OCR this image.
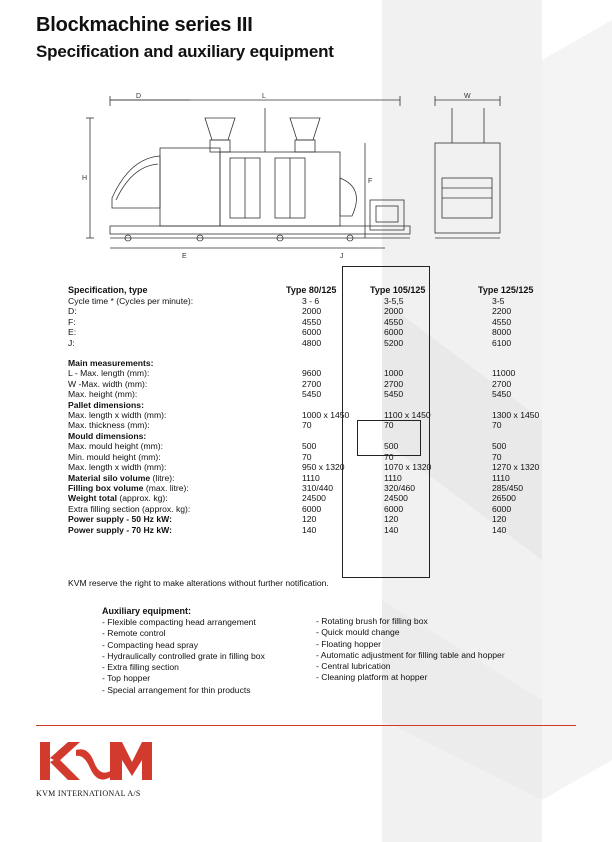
Blockmachine series III
Specification and auxiliary equipment
D	L	W
H	F
E	J
Specification, type	Type 80/125	Type 105/125	Type 125/125
Cycle time * (Cycles per minute):	3 - 6	3-5,5	3-5
D:	2000	2000	2200
F:	4550	4550	4550
E:	6000	6000	8000
J:	4800	5200	6100

Main measurements:			
L - Max. length (mm):	9600	1000	11000
W -Max. width (mm):	2700	2700	2700
Max. height (mm):	5450	5450	5450
Pallet dimensions:			
Max. length x width (mm):	1000 x 1450	1100 x 1450	1300 x 1450
Max. thickness (mm):	70	70	70
Mould dimensions:			
Max. mould height (mm):	500	500	500
Min. mould height (mm):	70	70	70
Max. length x width (mm):	950 x 1320	1070 x 1320	1270 x 1320
Material silo volume (litre):	1110	1110	1110
Filling box volume (max. litre):	310/440	320/460	285/450
Weight total (approx. kg):	24500	24500	26500
Extra filling section (approx. kg):	6000	6000	6000
Power supply - 50 Hz kW:	120	120	120
Power supply - 70 Hz kW:	140	140	140
KVM reserve the right to make alterations without further notification.
Auxiliary equipment:
- Flexible compacting head arrangement
- Remote control
- Compacting head spray
- Hydraulically controlled grate in filling box
- Extra filling section
- Top hopper
- Special arrangement for thin products
- Rotating brush for filling box
- Quick mould change
- Floating hopper
- Automatic adjustment for filling table and hopper
- Central lubrication
- Cleaning platform at hopper
KVM INTERNATIONAL A/S
